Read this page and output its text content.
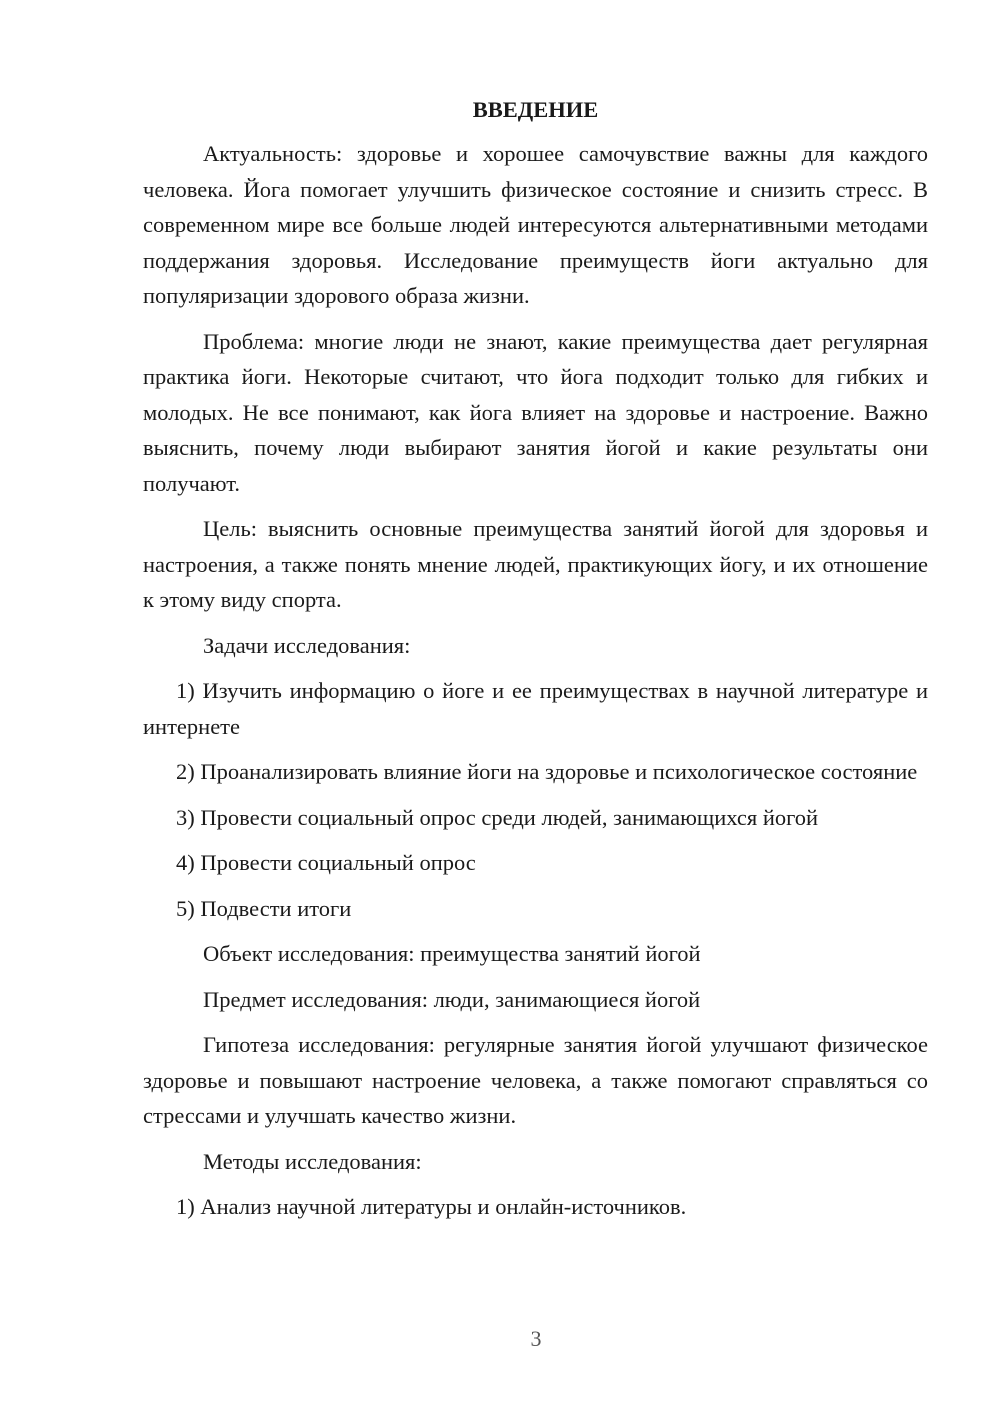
ВВЕДЕНИЕ

Актуальность: здоровье и хорошее самочувствие важны для каждого человека. Йога помогает улучшить физическое состояние и снизить стресс. В современном мире все больше людей интересуются альтернативными методами поддержания здоровья. Исследование преимуществ йоги актуально для популяризации здорового образа жизни.

Проблема: многие люди не знают, какие преимущества дает регулярная практика йоги. Некоторые считают, что йога подходит только для гибких и молодых. Не все понимают, как йога влияет на здоровье и настроение. Важно выяснить, почему люди выбирают занятия йогой и какие результаты они получают.

Цель: выяснить основные преимущества занятий йогой для здоровья и настроения, а также понять мнение людей, практикующих йогу, и их отношение к этому виду спорта.

Задачи исследования:

1) Изучить информацию о йоге и ее преимуществах в научной литературе и интернете

2) Проанализировать влияние йоги на здоровье и психологическое состояние

3) Провести социальный опрос среди людей, занимающихся йогой

4) Провести социальный опрос

5) Подвести итоги

Объект исследования: преимущества занятий йогой

Предмет исследования: люди, занимающиеся йогой

Гипотеза исследования: регулярные занятия йогой улучшают физическое здоровье и повышают настроение человека, а также помогают справляться со стрессами и улучшать качество жизни.

Методы исследования:

1) Анализ научной литературы и онлайн-источников.

3
